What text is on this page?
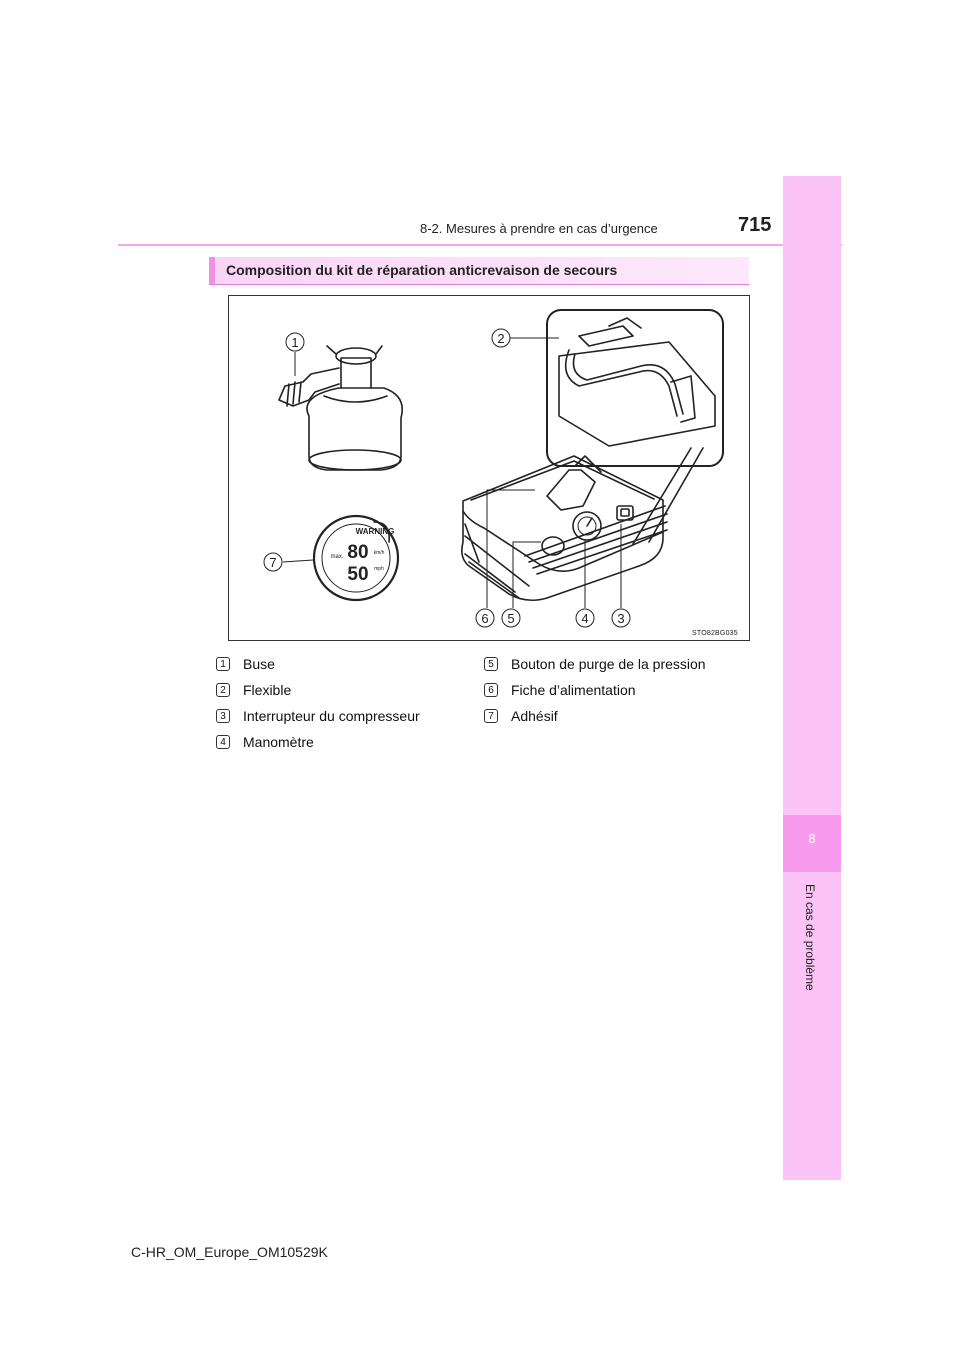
8-2. Mesures à prendre en cas d’urgence	715
8
En cas de problème
Composition du kit de réparation anticrevaison de secours
1	2
7
6 5	4 3
WARNING
max. 80
50
km/h
mph
STO82BG035
1	Buse
2	Flexible
3	Interrupteur du compresseur
4	Manomètre
5	Bouton de purge de la pression
6	Fiche d’alimentation
7	Adhésif
C-HR_OM_Europe_OM10529K
